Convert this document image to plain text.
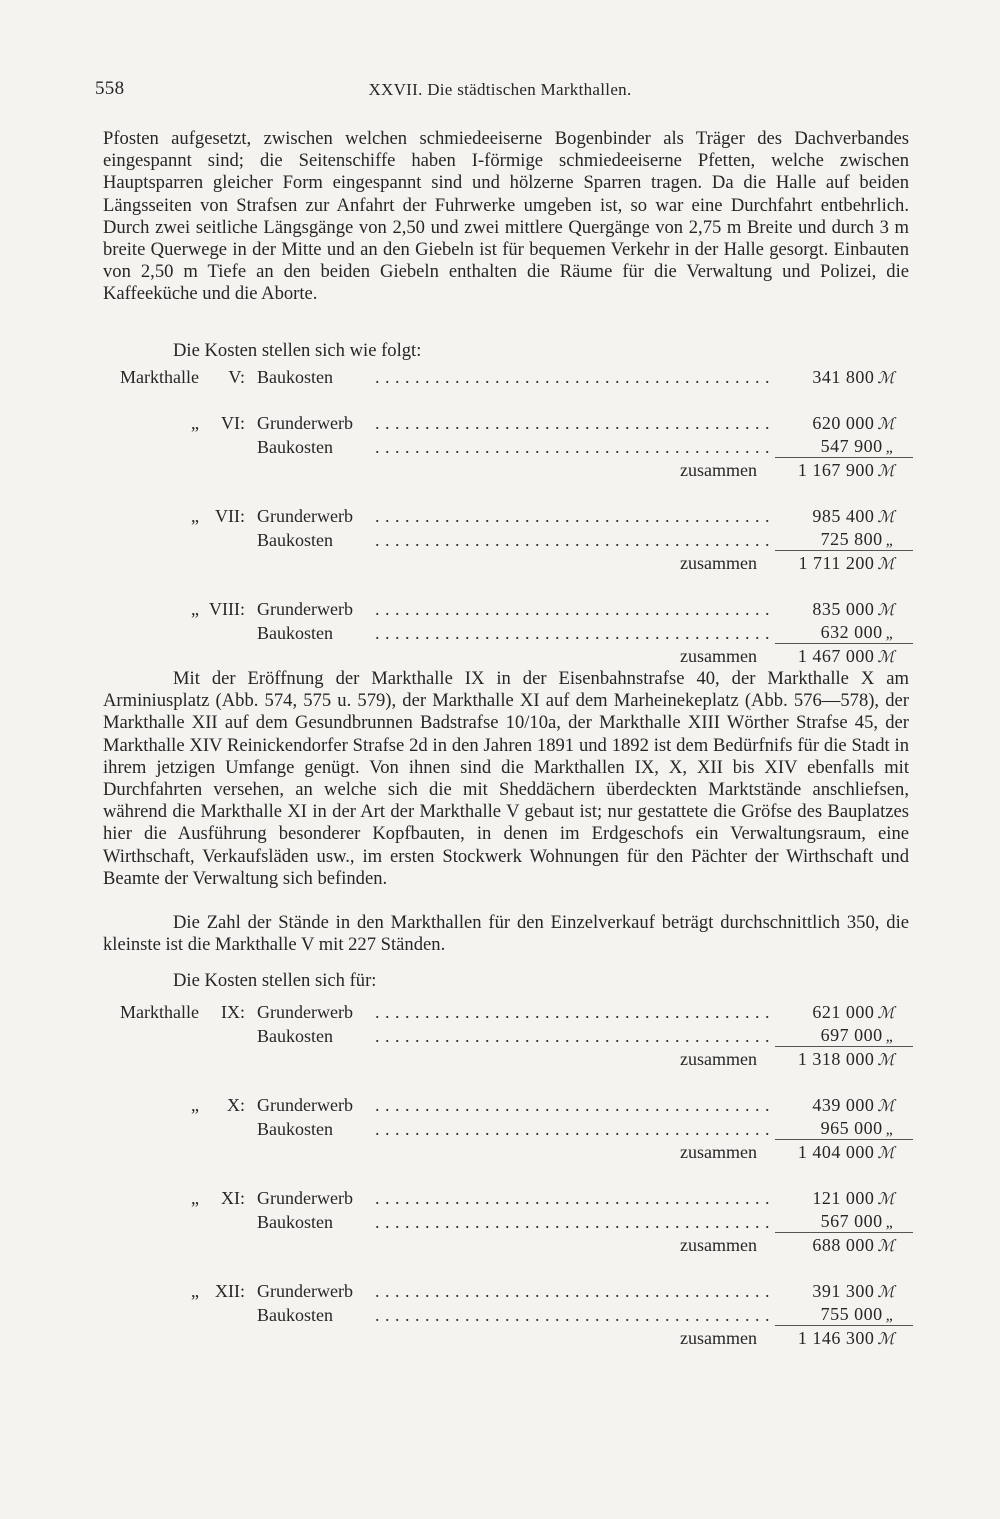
558	XXVII. Die städtischen Markthallen.
Pfosten aufgesetzt, zwischen welchen schmiedeeiserne Bogenbinder als Träger des Dachverbandes eingespannt sind; die Seitenschiffe haben I-förmige schmiedeeiserne Pfetten, welche zwischen Hauptsparren gleicher Form eingespannt sind und hölzerne Sparren tragen. Da die Halle auf beiden Längsseiten von Strafsen zur Anfahrt der Fuhrwerke umgeben ist, so war eine Durchfahrt entbehrlich. Durch zwei seitliche Längsgänge von 2,50 und zwei mittlere Quergänge von 2,75 m Breite und durch 3 m breite Querwege in der Mitte und an den Giebeln ist für bequemen Verkehr in der Halle gesorgt. Einbauten von 2,50 m Tiefe an den beiden Giebeln enthalten die Räume für die Verwaltung und Polizei, die Kaffeeküche und die Aborte.
Die Kosten stellen sich wie folgt:
Markthalle	V:		Baukosten	........................................	341 800 ℳ

„	VI:		Grunderwerb	........................................	620 000 ℳ
			Baukosten	........................................	547 900 „
zusammen					1 167 900 ℳ

„	VII:		Grunderwerb	........................................	985 400 ℳ
			Baukosten	........................................	725 800 „
zusammen					1 711 200 ℳ

„	VIII:		Grunderwerb	........................................	835 000 ℳ
			Baukosten	........................................	632 000 „
zusammen					1 467 000 ℳ
Mit der Eröffnung der Markthalle IX in der Eisenbahnstrafse 40, der Markthalle X am Arminiusplatz (Abb. 574, 575 u. 579), der Markthalle XI auf dem Marheinekeplatz (Abb. 576—578), der Markthalle XII auf dem Gesundbrunnen Badstrafse 10/10a, der Markthalle XIII Wörther Strafse 45, der Markthalle XIV Reinickendorfer Strafse 2d in den Jahren 1891 und 1892 ist dem Bedürfnifs für die Stadt in ihrem jetzigen Umfange genügt. Von ihnen sind die Markthallen IX, X, XII bis XIV ebenfalls mit Durchfahrten versehen, an welche sich die mit Sheddächern überdeckten Marktstände anschliefsen, während die Markthalle XI in der Art der Markthalle V gebaut ist; nur gestattete die Gröfse des Bauplatzes hier die Ausführung besonderer Kopfbauten, in denen im Erdgeschofs ein Verwaltungsraum, eine Wirthschaft, Verkaufsläden usw., im ersten Stockwerk Wohnungen für den Pächter der Wirthschaft und Beamte der Verwaltung sich befinden.
Die Zahl der Stände in den Markthallen für den Einzelverkauf beträgt durchschnittlich 350, die kleinste ist die Markthalle V mit 227 Ständen.
Die Kosten stellen sich für:
Markthalle	IX:		Grunderwerb	........................................	621 000 ℳ
			Baukosten	........................................	697 000 „
zusammen					1 318 000 ℳ

„	X:		Grunderwerb	........................................	439 000 ℳ
			Baukosten	........................................	965 000 „
zusammen					1 404 000 ℳ

„	XI:		Grunderwerb	........................................	121 000 ℳ
			Baukosten	........................................	567 000 „
zusammen					688 000 ℳ

„	XII:		Grunderwerb	........................................	391 300 ℳ
			Baukosten	........................................	755 000 „
zusammen					1 146 300 ℳ
